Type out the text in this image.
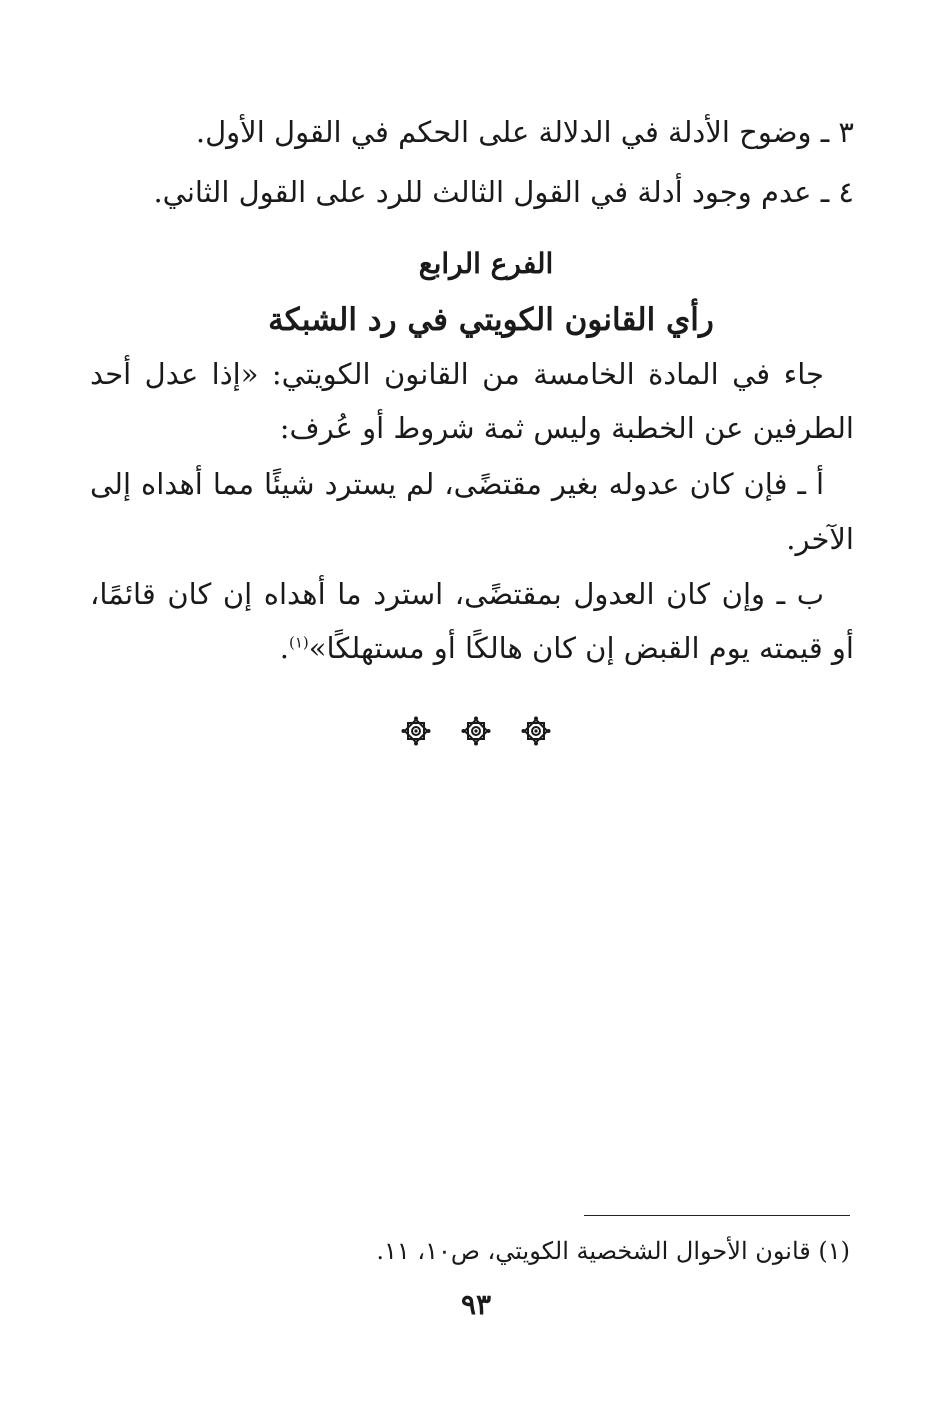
٣ ـ وضوح الأدلة في الدلالة على الحكم في القول الأول.
٤ ـ عدم وجود أدلة في القول الثالث للرد على القول الثاني.
الفرع الرابع
رأي القانون الكويتي في رد الشبكة
جاء في المادة الخامسة من القانون الكويتي: «إذا عدل أحد
الطرفين عن الخطبة وليس ثمة شروط أو عُرف:
أ ـ فإن كان عدوله بغير مقتضًى، لم يسترد شيئًا مما أهداه إلى
الآخر.
ب ـ وإن كان العدول بمقتضًى، استرد ما أهداه إن كان قائمًا،
أو قيمته يوم القبض إن كان هالكًا أو مستهلكًا»$^{(١)}$.
(١) قانون الأحوال الشخصية الكويتي، ص١٠، ١١.
٩٣
